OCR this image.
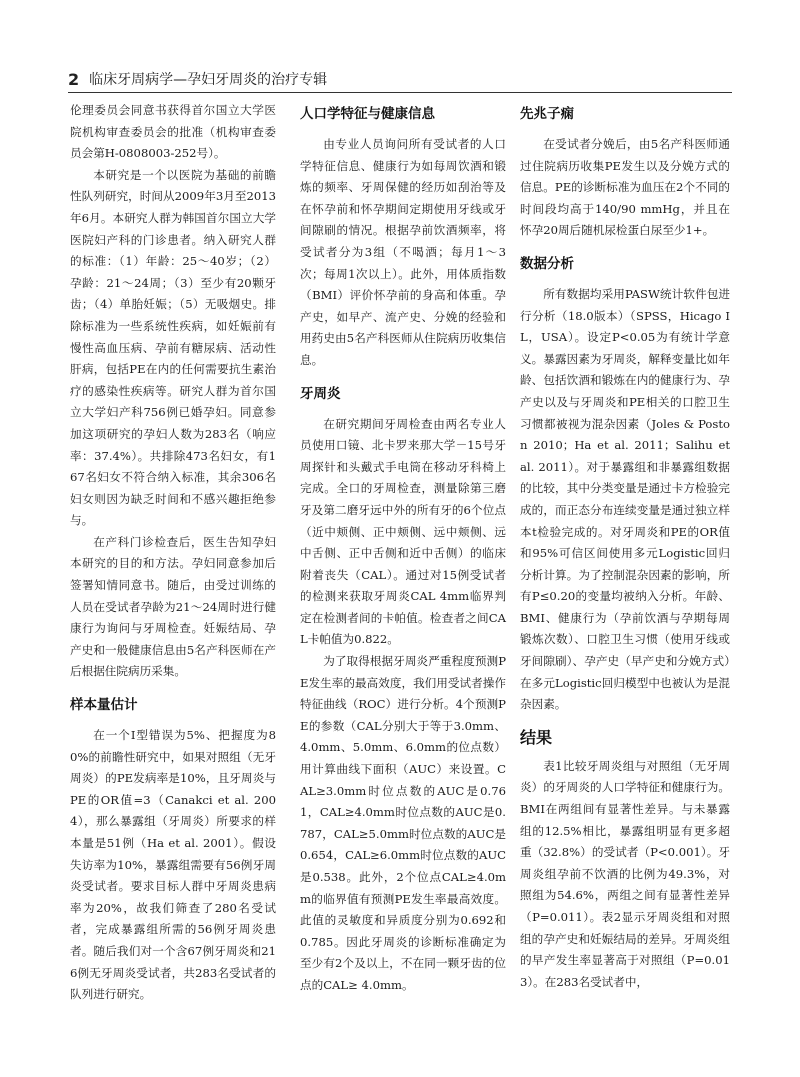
2 临床牙周病学—孕妇牙周炎的治疗专辑

伦理委员会同意书获得首尔国立大学医院机构审查委员会的批准（机构审查委员会第H-0808003-252号）。

本研究是一个以医院为基础的前瞻性队列研究，时间从2009年3月至2013年6月。本研究人群为韩国首尔国立大学医院妇产科的门诊患者。纳入研究人群的标准：（1）年龄：25～40岁；（2）孕龄：21～24周；（3）至少有20颗牙齿；（4）单胎妊娠；（5）无吸烟史。排除标准为一些系统性疾病，如妊娠前有慢性高血压病、孕前有糖尿病、活动性肝病，包括PE在内的任何需要抗生素治疗的感染性疾病等。研究人群为首尔国立大学妇产科756例已婚孕妇。同意参加这项研究的孕妇人数为283名（响应率：37.4%）。共排除473名妇女，有167名妇女不符合纳入标准，其余306名妇女则因为缺乏时间和不感兴趣拒绝参与。

在产科门诊检查后，医生告知孕妇本研究的目的和方法。孕妇同意参加后签署知情同意书。随后，由受过训练的人员在受试者孕龄为21～24周时进行健康行为询问与牙周检查。妊娠结局、孕产史和一般健康信息由5名产科医师在产后根据住院病历采集。

样本量估计

在一个Ⅰ型错误为5%、把握度为80%的前瞻性研究中，如果对照组（无牙周炎）的PE发病率是10%，且牙周炎与PE的OR值=3（Canakci et al. 2004），那么暴露组（牙周炎）所要求的样本量是51例（Ha et al. 2001）。假设失访率为10%，暴露组需要有56例牙周炎受试者。要求目标人群中牙周炎患病率为20%，故我们筛查了280名受试者，完成暴露组所需的56例牙周炎患者。随后我们对一个含67例牙周炎和216例无牙周炎受试者，共283名受试者的队列进行研究。

人口学特征与健康信息

由专业人员询问所有受试者的人口学特征信息、健康行为如每周饮酒和锻炼的频率、牙周保健的经历如刮治等及在怀孕前和怀孕期间定期使用牙线或牙间隙刷的情况。根据孕前饮酒频率，将受试者分为3组（不喝酒；每月1～3次；每周1次以上）。此外，用体质指数（BMI）评价怀孕前的身高和体重。孕产史，如早产、流产史、分娩的经验和用药史由5名产科医师从住院病历收集信息。

牙周炎

在研究期间牙周检查由两名专业人员使用口镜、北卡罗来那大学－15号牙周探针和头戴式手电筒在移动牙科椅上完成。全口的牙周检查，测量除第三磨牙及第二磨牙远中外的所有牙的6个位点（近中颊侧、正中颊侧、远中颊侧、远中舌侧、正中舌侧和近中舌侧）的临床附着丧失（CAL）。通过对15例受试者的检测来获取牙周炎CAL 4mm临界判定在检测者间的卡帕值。检查者之间CAL卡帕值为0.822。

为了取得根据牙周炎严重程度预测PE发生率的最高效度，我们用受试者操作特征曲线（ROC）进行分析。4个预测PE的参数（CAL分别大于等于3.0mm、4.0mm、5.0mm、6.0mm的位点数）用计算曲线下面积（AUC）来设置。CAL≥3.0mm时位点数的AUC是0.761，CAL≥4.0mm时位点数的AUC是0.787，CAL≥5.0mm时位点数的AUC是0.654，CAL≥6.0mm时位点数的AUC是0.538。此外，2个位点CAL≥4.0mm的临界值有预测PE发生率最高效度。此值的灵敏度和异质度分别为0.692和0.785。因此牙周炎的诊断标准确定为至少有2个及以上，不在同一颗牙齿的位点的CAL≥ 4.0mm。

先兆子痫

在受试者分娩后，由5名产科医师通过住院病历收集PE发生以及分娩方式的信息。PE的诊断标准为血压在2个不同的时间段均高于140/90 mmHg，并且在怀孕20周后随机尿检蛋白尿至少1+。

数据分析

所有数据均采用PASW统计软件包进行分析（18.0版本）（SPSS，Hicago IL，USA）。设定P<0.05为有统计学意义。暴露因素为牙周炎，解释变量比如年龄、包括饮酒和锻炼在内的健康行为、孕产史以及与牙周炎和PE相关的口腔卫生习惯都被视为混杂因素（Joles & Poston 2010；Ha et al. 2011；Salihu et al. 2011）。对于暴露组和非暴露组数据的比较，其中分类变量是通过卡方检验完成的，而正态分布连续变量是通过独立样本t检验完成的。对牙周炎和PE的OR值和95%可信区间使用多元Logistic回归分析计算。为了控制混杂因素的影响，所有P≤0.20的变量均被纳入分析。年龄、BMI、健康行为（孕前饮酒与孕期每周锻炼次数）、口腔卫生习惯（使用牙线或牙间隙刷）、孕产史（早产史和分娩方式）在多元Logistic回归模型中也被认为是混杂因素。

结果

表1比较牙周炎组与对照组（无牙周炎）的牙周炎的人口学特征和健康行为。BMI在两组间有显著性差异。与未暴露组的12.5%相比，暴露组明显有更多超重（32.8%）的受试者（P<0.001）。牙周炎组孕前不饮酒的比例为49.3%，对照组为54.6%，两组之间有显著性差异（P=0.011）。表2显示牙周炎组和对照组的孕产史和妊娠结局的差异。牙周炎组的早产发生率显著高于对照组（P=0.013）。在283名受试者中，
